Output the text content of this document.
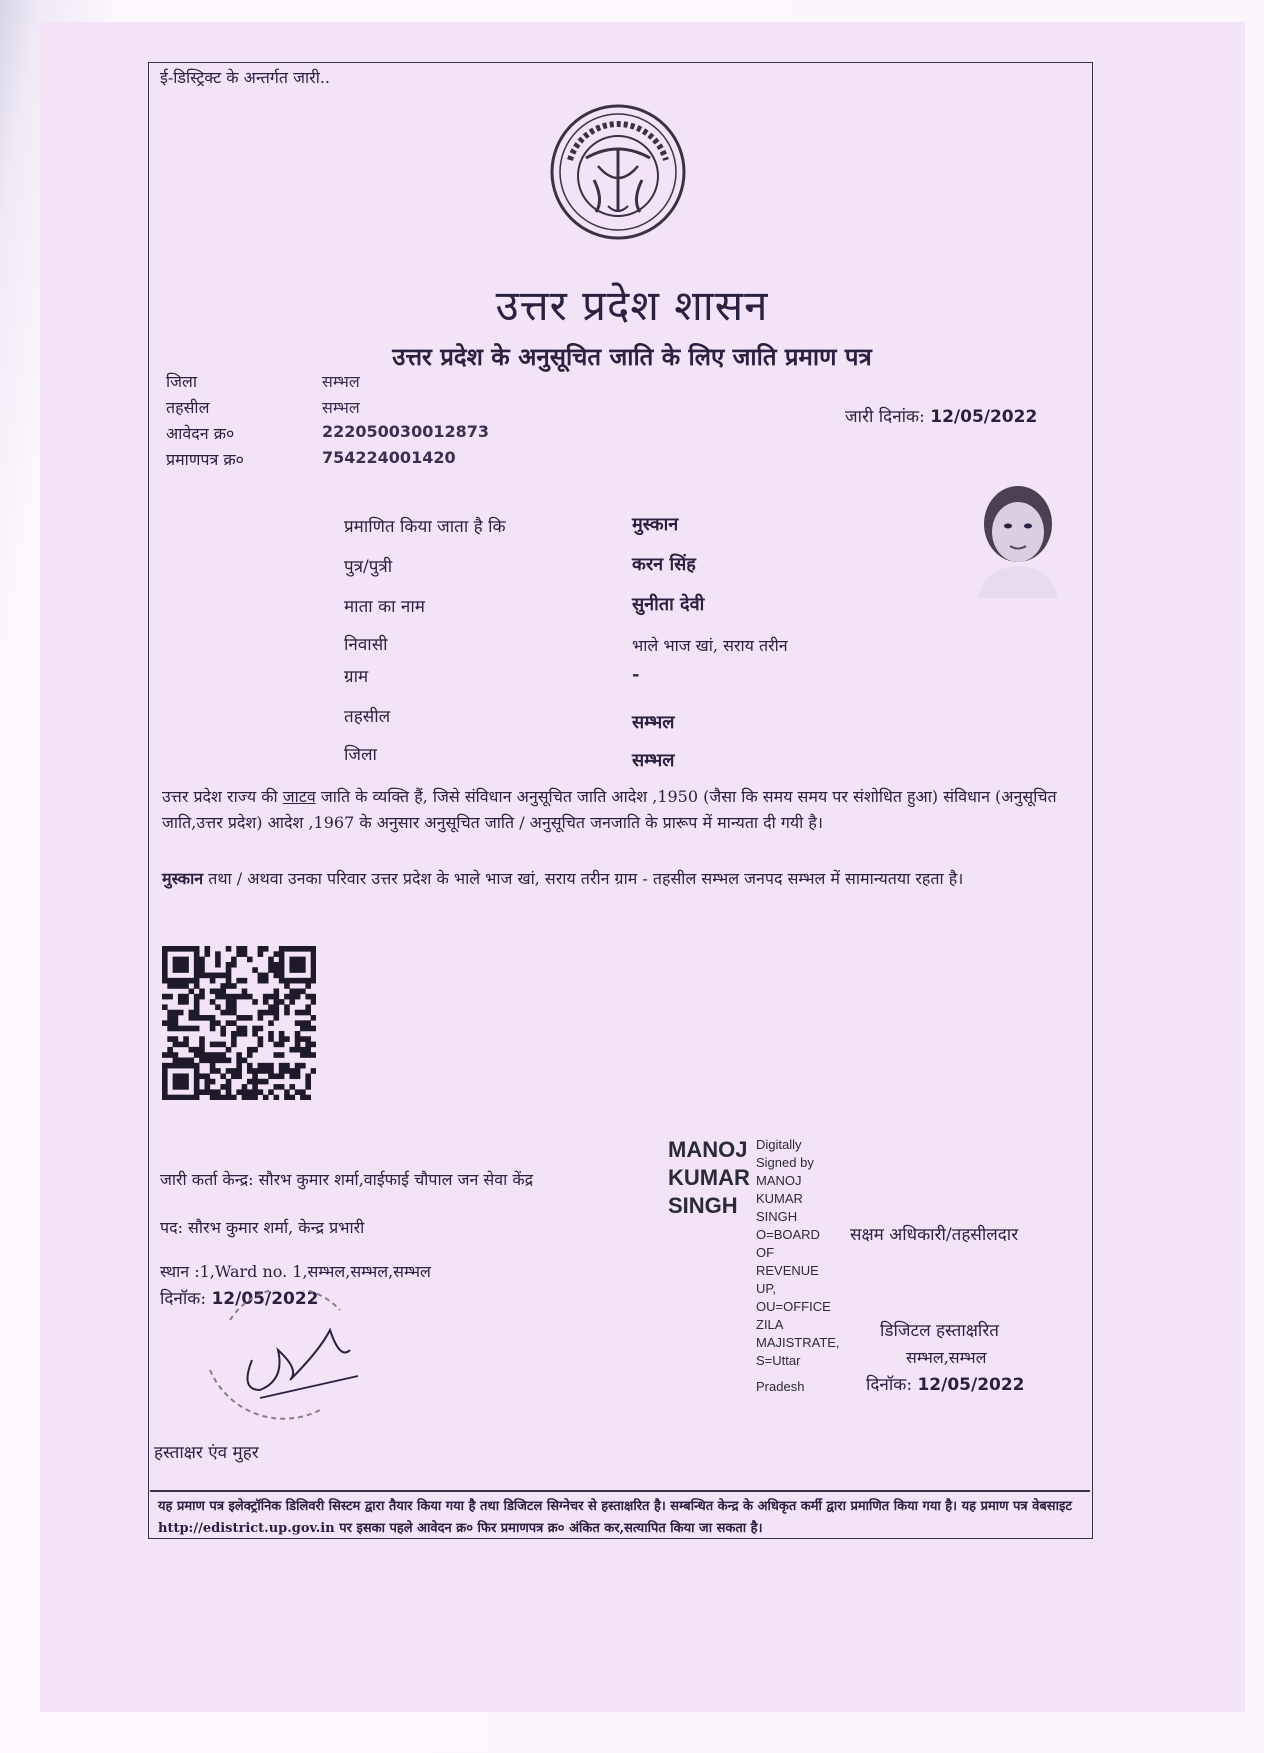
ई-डिस्ट्रिक्ट के अन्तर्गत जारी..
उत्तर प्रदेश शासन
उत्तर प्रदेश के अनुसूचित जाति के लिए जाति प्रमाण पत्र
जिला	सम्भल
तहसील	सम्भल
आवेदन क्र०	222050030012873
प्रमाणपत्र क्र०	754224001420
जारी दिनांक: 12/05/2022
प्रमाणित किया जाता है कि	मुस्कान
पुत्र/पुत्री	करन सिंह
माता का नाम	सुनीता देवी
निवासी	भाले भाज खां, सराय तरीन
ग्राम	-
तहसील	सम्भल
जिला	सम्भल
उत्तर प्रदेश राज्य की जाटव जाति के व्यक्ति हैं, जिसे संविधान अनुसूचित जाति आदेश ,1950 (जैसा कि समय समय पर संशोधित हुआ) संविधान (अनुसूचित जाति,उत्तर प्रदेश) आदेश ,1967 के अनुसार अनुसूचित जाति / अनुसूचित जनजाति के प्रारूप में मान्यता दी गयी है।
मुस्कान तथा / अथवा उनका परिवार उत्तर प्रदेश के भाले भाज खां, सराय तरीन ग्राम - तहसील सम्भल जनपद सम्भल में सामान्यतया रहता है।
जारी कर्ता केन्द्र: सौरभ कुमार शर्मा,वाईफाई चौपाल जन सेवा केंद्र
पद: सौरभ कुमार शर्मा, केन्द्र प्रभारी
स्थान :1,Ward no. 1,सम्भल,सम्भल,सम्भल
दिनॉक: 12/05/2022
MANOJ
KUMAR
SINGH
Digitally
Signed by
MANOJ
KUMAR
SINGH
O=BOARD
OF
REVENUE
UP,
OU=OFFICE
ZILA
MAJISTRATE,
S=Uttar
Pradesh
सक्षम अधिकारी/तहसीलदार
डिजिटल हस्ताक्षरित
सम्भल,सम्भल
दिनॉक: 12/05/2022
हस्ताक्षर एंव मुहर
यह प्रमाण पत्र इलेक्ट्रॉनिक डिलिवरी सिस्टम द्वारा तैयार किया गया है तथा डिजिटल सिग्नेचर से हस्ताक्षरित है। सम्बन्धित केन्द्र के अधिकृत कर्मी द्वारा प्रमाणित किया गया है। यह प्रमाण पत्र वेबसाइट http://edistrict.up.gov.in पर इसका पहले आवेदन क्र० फिर प्रमाणपत्र क्र० अंकित कर,सत्यापित किया जा सकता है।
